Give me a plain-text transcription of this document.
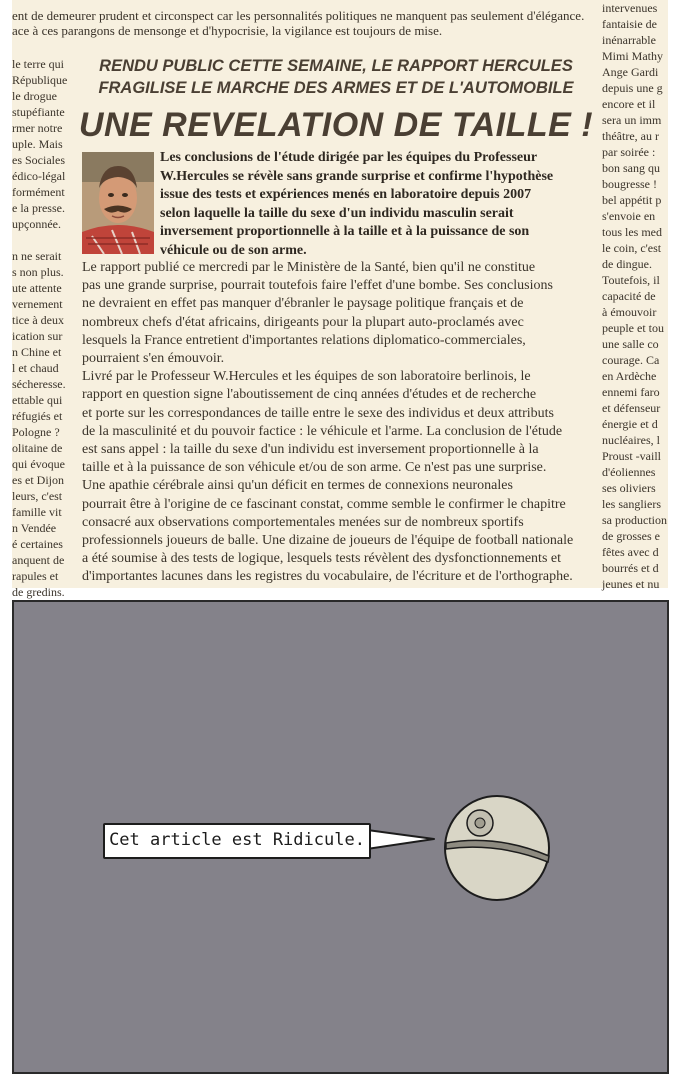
ent de demeurer prudent et circonspect car les personnalités politiques ne manquent pas seulement d'élégance.
ace à ces parangons de mensonge et d'hypocrisie, la vigilance est toujours de mise.
le terre qui
République
le drogue
stupéfiante
rmer notre
uple. Mais
es Sociales
édico-légal
formément
e la presse.
upçonnée.

n ne serait
s non plus.
ute attente
vernement
tice à deux
ication sur
n Chine et
l et chaud
sécheresse.
ettable qui
réfugiés et
Pologne ?
olitaine de
qui évoque
es et Dijon
leurs, c'est
famille vit
n Vendée
é certaines
anquent de
rapules et
de gredins.
intervenues
fantaisie de
inénarrable
Mimi Mathy
Ange Gardi
depuis une g
encore et il
sera un imm
théâtre, au r
par soirée :
bon sang qu
bougresse !
bel appétit p
s'envoie en
tous les med
le coin, c'est
de dingue.
Toutefois, il
capacité de
à émouvoir
peuple et tou
une salle co
courage. Ca
en Ardèche
ennemi faro
et défenseur
énergie et d
nucléaires, l
Proust -vaill
d'éoliennes
ses oliviers
les sangliers
sa production
de grosses e
fêtes avec d
bourrés et d
jeunes et nu
RENDU PUBLIC CETTE SEMAINE, LE RAPPORT HERCULES
FRAGILISE LE MARCHE DES ARMES ET DE L'AUTOMOBILE
UNE REVELATION DE TAILLE !
Les conclusions de l'étude dirigée par les équipes du Professeur
W.Hercules se révèle sans grande surprise et confirme l'hypothèse
issue des tests et expériences menés en laboratoire depuis 2007
selon laquelle la taille du sexe d'un individu masculin serait
inversement proportionnelle à la taille et à la puissance de son
véhicule ou de son arme.
Le rapport publié ce mercredi par le Ministère de la Santé, bien qu'il ne constitue
pas une grande surprise, pourrait toutefois faire l'effet d'une bombe. Ses conclusions
ne devraient en effet pas manquer d'ébranler le paysage politique français et de
nombreux chefs d'état africains, dirigeants pour la plupart auto-proclamés avec
lesquels la France entretient d'importantes relations diplomatico-commerciales,
pourraient s'en émouvoir.
Livré par le Professeur W.Hercules et les équipes de son laboratoire berlinois, le
rapport en question signe l'aboutissement de cinq années d'études et de recherche
et porte sur les correspondances de taille entre le sexe des individus et deux attributs
de la masculinité et du pouvoir factice : le véhicule et l'arme. La conclusion de l'étude
est sans appel : la taille du sexe d'un individu est inversement proportionnelle à la
taille et à la puissance de son véhicule et/ou de son arme. Ce n'est pas une surprise.
Une apathie cérébrale ainsi qu'un déficit en termes de connexions neuronales
pourrait être à l'origine de ce fascinant constat, comme semble le confirmer le chapitre
consacré aux observations comportementales menées sur de nombreux sportifs
professionnels joueurs de balle. Une dizaine de joueurs de l'équipe de football nationale
a été soumise à des tests de logique, lesquels tests révèlent des dysfonctionnements et
d'importantes lacunes dans les registres du vocabulaire, de l'écriture et de l'orthographe.
Cet article est Ridicule.
